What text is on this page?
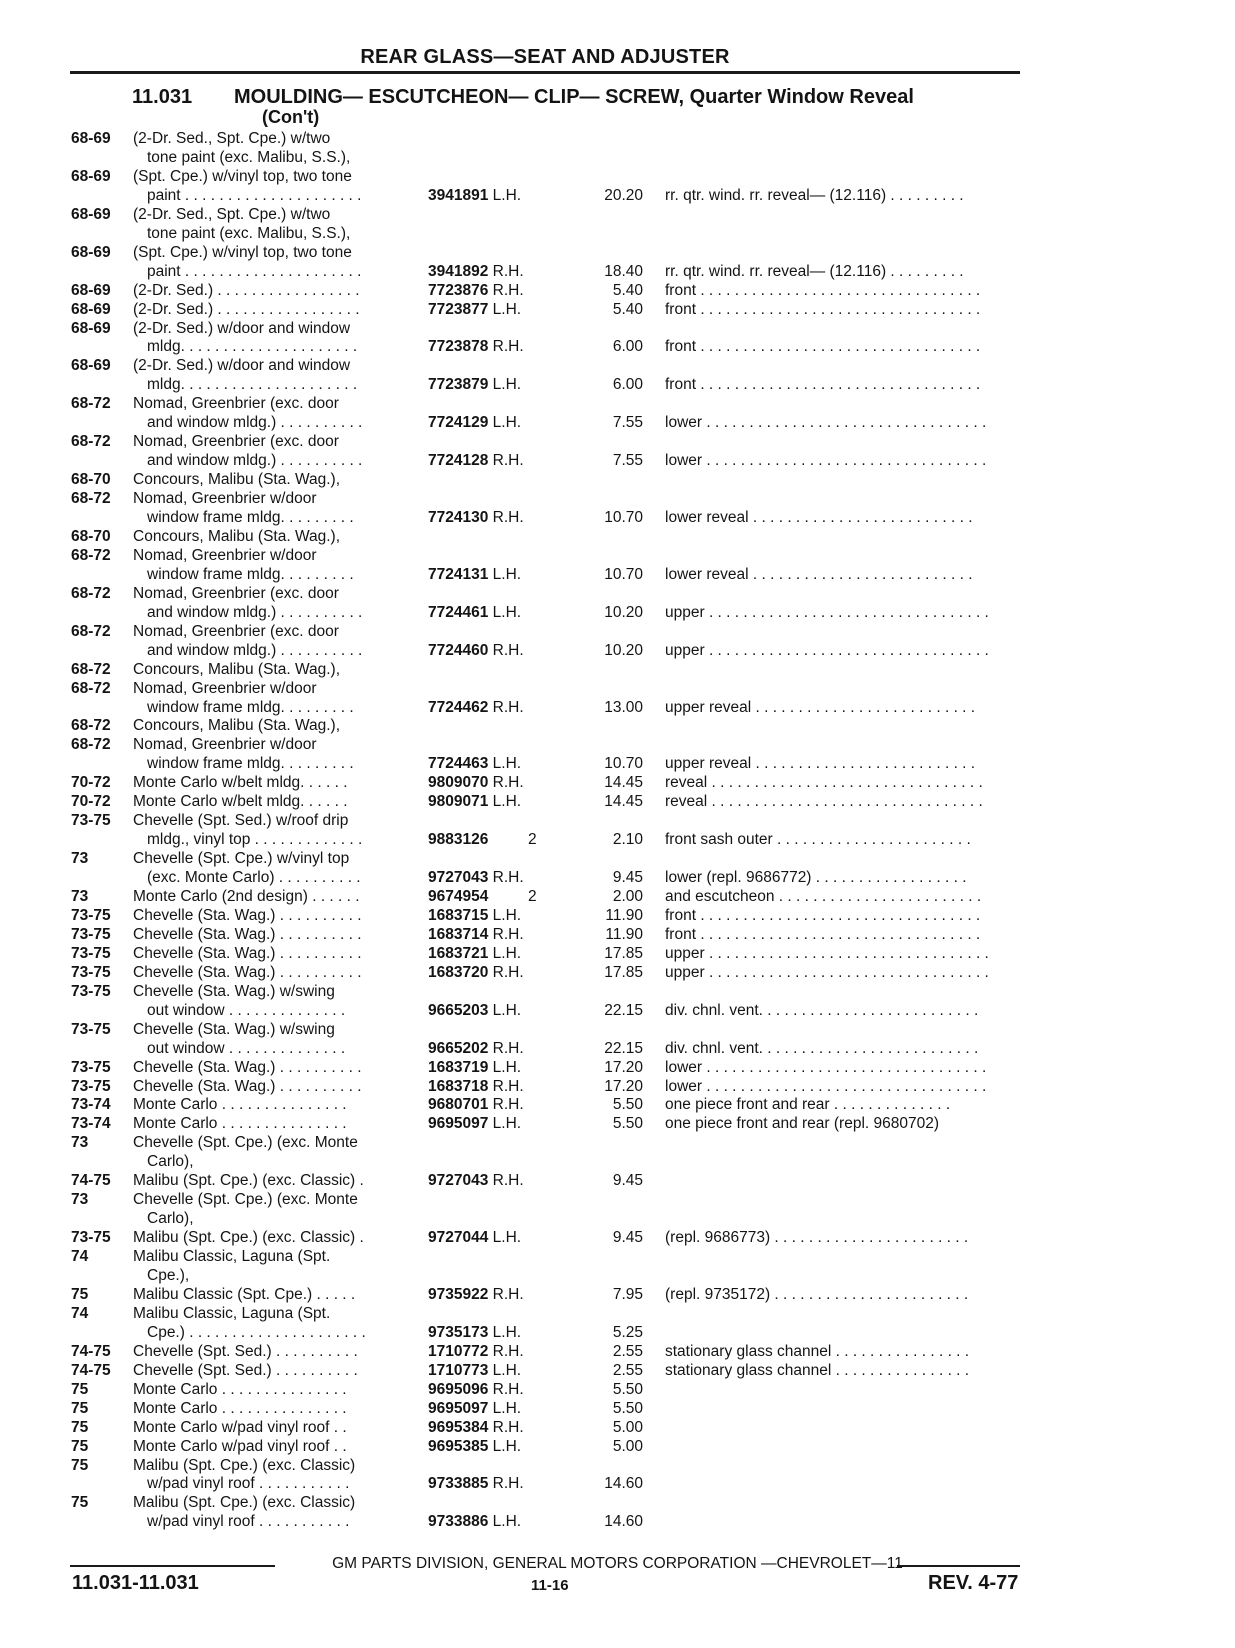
REAR GLASS—SEAT AND ADJUSTER
11.031 MOULDING— ESCUTCHEON— CLIP— SCREW, Quarter Window Reveal
(Con't)
68-69 (2-Dr. Sed., Spt. Cpe.) w/two
tone paint (exc. Malibu, S.S.),
68-69 (Spt. Cpe.) w/vinyl top, two tone
paint . . . . . . . . . . . . . . . . . . . . .	3941891 L.H.	20.20 rr. qtr. wind. rr. reveal— (12.116) . . . . . . . . .
68-69 (2-Dr. Sed., Spt. Cpe.) w/two
tone paint (exc. Malibu, S.S.),
68-69 (Spt. Cpe.) w/vinyl top, two tone
paint . . . . . . . . . . . . . . . . . . . . .	3941892 R.H.	18.40 rr. qtr. wind. rr. reveal— (12.116) . . . . . . . . .
68-69 (2-Dr. Sed.) . . . . . . . . . . . . . . . . .	7723876 R.H.	5.40 front . . . . . . . . . . . . . . . . . . . . . . . . . . . . . . . . .
68-69 (2-Dr. Sed.) . . . . . . . . . . . . . . . . .	7723877 L.H.	5.40 front . . . . . . . . . . . . . . . . . . . . . . . . . . . . . . . . .
68-69 (2-Dr. Sed.) w/door and window
mldg. . . . . . . . . . . . . . . . . . . . .	7723878 R.H.	6.00 front . . . . . . . . . . . . . . . . . . . . . . . . . . . . . . . . .
68-69 (2-Dr. Sed.) w/door and window
mldg. . . . . . . . . . . . . . . . . . . . .	7723879 L.H.	6.00 front . . . . . . . . . . . . . . . . . . . . . . . . . . . . . . . . .
68-72 Nomad, Greenbrier (exc. door
and window mldg.) . . . . . . . . . .	7724129 L.H.	7.55 lower . . . . . . . . . . . . . . . . . . . . . . . . . . . . . . . . .
68-72 Nomad, Greenbrier (exc. door
and window mldg.) . . . . . . . . . .	7724128 R.H.	7.55 lower . . . . . . . . . . . . . . . . . . . . . . . . . . . . . . . . .
68-70 Concours, Malibu (Sta. Wag.),
68-72 Nomad, Greenbrier w/door
window frame mldg. . . . . . . . .	7724130 R.H.	10.70 lower reveal . . . . . . . . . . . . . . . . . . . . . . . . . .
68-70 Concours, Malibu (Sta. Wag.),
68-72 Nomad, Greenbrier w/door
window frame mldg. . . . . . . . .	7724131 L.H.	10.70 lower reveal . . . . . . . . . . . . . . . . . . . . . . . . . .
68-72 Nomad, Greenbrier (exc. door
and window mldg.) . . . . . . . . . .	7724461 L.H.	10.20 upper . . . . . . . . . . . . . . . . . . . . . . . . . . . . . . . . .
68-72 Nomad, Greenbrier (exc. door
and window mldg.) . . . . . . . . . .	7724460 R.H.	10.20 upper . . . . . . . . . . . . . . . . . . . . . . . . . . . . . . . . .
68-72 Concours, Malibu (Sta. Wag.),
68-72 Nomad, Greenbrier w/door
window frame mldg. . . . . . . . .	7724462 R.H.	13.00 upper reveal . . . . . . . . . . . . . . . . . . . . . . . . . .
68-72 Concours, Malibu (Sta. Wag.),
68-72 Nomad, Greenbrier w/door
window frame mldg. . . . . . . . .	7724463 L.H.	10.70 upper reveal . . . . . . . . . . . . . . . . . . . . . . . . . .
70-72 Monte Carlo w/belt mldg. . . . . .	9809070 R.H.	14.45 reveal . . . . . . . . . . . . . . . . . . . . . . . . . . . . . . . .
70-72 Monte Carlo w/belt mldg. . . . . .	9809071 L.H.	14.45 reveal . . . . . . . . . . . . . . . . . . . . . . . . . . . . . . . .
73-75 Chevelle (Spt. Sed.) w/roof drip
mldg., vinyl top . . . . . . . . . . . . .	9883126	2	2.10 front sash outer . . . . . . . . . . . . . . . . . . . . . . .
73	Chevelle (Spt. Cpe.) w/vinyl top
(exc. Monte Carlo) . . . . . . . . . .	9727043 R.H.	9.45 lower (repl. 9686772) . . . . . . . . . . . . . . . . . .
73	Monte Carlo (2nd design) . . . . . .	9674954	2	2.00 and escutcheon . . . . . . . . . . . . . . . . . . . . . . . .
73-75 Chevelle (Sta. Wag.) . . . . . . . . . .	1683715 L.H.	11.90 front . . . . . . . . . . . . . . . . . . . . . . . . . . . . . . . . .
73-75 Chevelle (Sta. Wag.) . . . . . . . . . .	1683714 R.H.	11.90 front . . . . . . . . . . . . . . . . . . . . . . . . . . . . . . . . .
73-75 Chevelle (Sta. Wag.) . . . . . . . . . .	1683721 L.H.	17.85 upper . . . . . . . . . . . . . . . . . . . . . . . . . . . . . . . . .
73-75 Chevelle (Sta. Wag.) . . . . . . . . . .	1683720 R.H.	17.85 upper . . . . . . . . . . . . . . . . . . . . . . . . . . . . . . . . .
73-75 Chevelle (Sta. Wag.) w/swing
out window . . . . . . . . . . . . . .	9665203 L.H.	22.15 div. chnl. vent. . . . . . . . . . . . . . . . . . . . . . . . . .
73-75 Chevelle (Sta. Wag.) w/swing
out window . . . . . . . . . . . . . .	9665202 R.H.	22.15 div. chnl. vent. . . . . . . . . . . . . . . . . . . . . . . . . .
73-75 Chevelle (Sta. Wag.) . . . . . . . . . .	1683719 L.H.	17.20 lower . . . . . . . . . . . . . . . . . . . . . . . . . . . . . . . . .
73-75 Chevelle (Sta. Wag.) . . . . . . . . . .	1683718 R.H.	17.20 lower . . . . . . . . . . . . . . . . . . . . . . . . . . . . . . . . .
73-74 Monte Carlo . . . . . . . . . . . . . . .	9680701 R.H.	5.50 one piece front and rear . . . . . . . . . . . . . .
73-74 Monte Carlo . . . . . . . . . . . . . . .	9695097 L.H.	5.50 one piece front and rear (repl. 9680702)
73	Chevelle (Spt. Cpe.) (exc. Monte
Carlo),
74-75 Malibu (Spt. Cpe.) (exc. Classic) .	9727043 R.H.	9.45
73	Chevelle (Spt. Cpe.) (exc. Monte
Carlo),
73-75 Malibu (Spt. Cpe.) (exc. Classic) .	9727044 L.H.	9.45 (repl. 9686773) . . . . . . . . . . . . . . . . . . . . . . .
74	Malibu Classic, Laguna (Spt.
Cpe.),
75	Malibu Classic (Spt. Cpe.) . . . . .	9735922 R.H.	7.95 (repl. 9735172) . . . . . . . . . . . . . . . . . . . . . . .
74	Malibu Classic, Laguna (Spt.
Cpe.) . . . . . . . . . . . . . . . . . . . . .	9735173 L.H.	5.25
74-75 Chevelle (Spt. Sed.) . . . . . . . . . .	1710772 R.H.	2.55 stationary glass channel . . . . . . . . . . . . . . . .
74-75 Chevelle (Spt. Sed.) . . . . . . . . . .	1710773 L.H.	2.55 stationary glass channel . . . . . . . . . . . . . . . .
75	Monte Carlo . . . . . . . . . . . . . . .	9695096 R.H.	5.50
75	Monte Carlo . . . . . . . . . . . . . . .	9695097 L.H.	5.50
75	Monte Carlo w/pad vinyl roof . .	9695384 R.H.	5.00
75	Monte Carlo w/pad vinyl roof . .	9695385 L.H.	5.00
75	Malibu (Spt. Cpe.) (exc. Classic)
w/pad vinyl roof . . . . . . . . . . .	9733885 R.H.	14.60
75	Malibu (Spt. Cpe.) (exc. Classic)
w/pad vinyl roof . . . . . . . . . . .	9733886 L.H.	14.60
GM PARTS DIVISION, GENERAL MOTORS CORPORATION —CHEVROLET—11
11.031-11.031	11-16	REV. 4-77
